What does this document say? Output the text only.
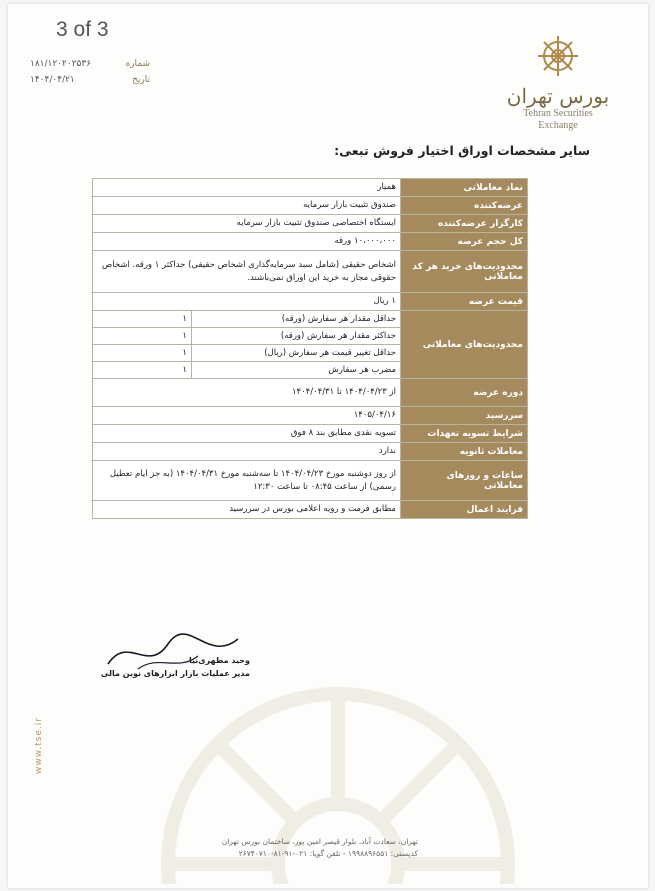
3 of 3
شماره
۱۸۱/۱۲۰۲۰۲۵۳۶
تاریخ
۱۴۰۴/۰۴/۲۱
بورس تهران
Tehran Securities
Exchange
سایر مشخصات اوراق اختیار فروش تبعی:
نماد معاملاتی	همیار	
عرضه‌کننده	صندوق تثبیت بازار سرمایه	
کارگزار عرضه‌کننده	ایستگاه اختصاصی صندوق تثبیت بازار سرمایه	
کل حجم عرضه	۱۰،۰۰۰،۰۰۰ ورقه	
محدودیت‌های خرید هر کد معاملاتی	اشخاص حقیقی (شامل سبد سرمایه‌گذاری اشخاص حقیقی) حداکثر ۱ ورقه. اشخاص حقوقی مجاز به خرید این اوراق نمی‌باشند.	
قیمت عرضه	۱ ریال	
محدودیت‌های معاملاتی	حداقل مقدار هر سفارش (ورقه)	۱
	حداکثر مقدار هر سفارش (ورقه)	۱
	حداقل تغییر قیمت هر سفارش (ریال)	۱
	مضرب هر سفارش	۱
دوره عرضه	از ۱۴۰۴/۰۴/۲۳ تا ۱۴۰۴/۰۴/۳۱	
سررسید	۱۴۰۵/۰۴/۱۶	
شرایط تسویه تعهدات	تسویه نقدی مطابق بند ۸ فوق	
معاملات ثانویه	ندارد	
ساعات و روزهای معاملاتی	از روز دوشنبه مورخ ۱۴۰۴/۰۴/۲۳ تا سه‌شنبه مورخ ۱۴۰۴/۰۴/۳۱ (به جز ایام تعطیل رسمی) از ساعت ۰۸:۴۵ تا ساعت ۱۲:۳۰	
فرایند اعمال	مطابق فرمت و رویه اعلامی بورس در سررسید	
وحید مطهری‌نیا
مدیر عملیات بازار ابزارهای نوین مالی
www.tse.ir
تهران، سعادت آباد، بلوار قیصر امین پور، ساختمان بورس تهران
کدپستی: ۱۹۹۸۸۹۶۵۵۱ - تلفن گویا: ۰۲۱-۹۱-۸۱-۲۶۷۴۰۷۱۰
